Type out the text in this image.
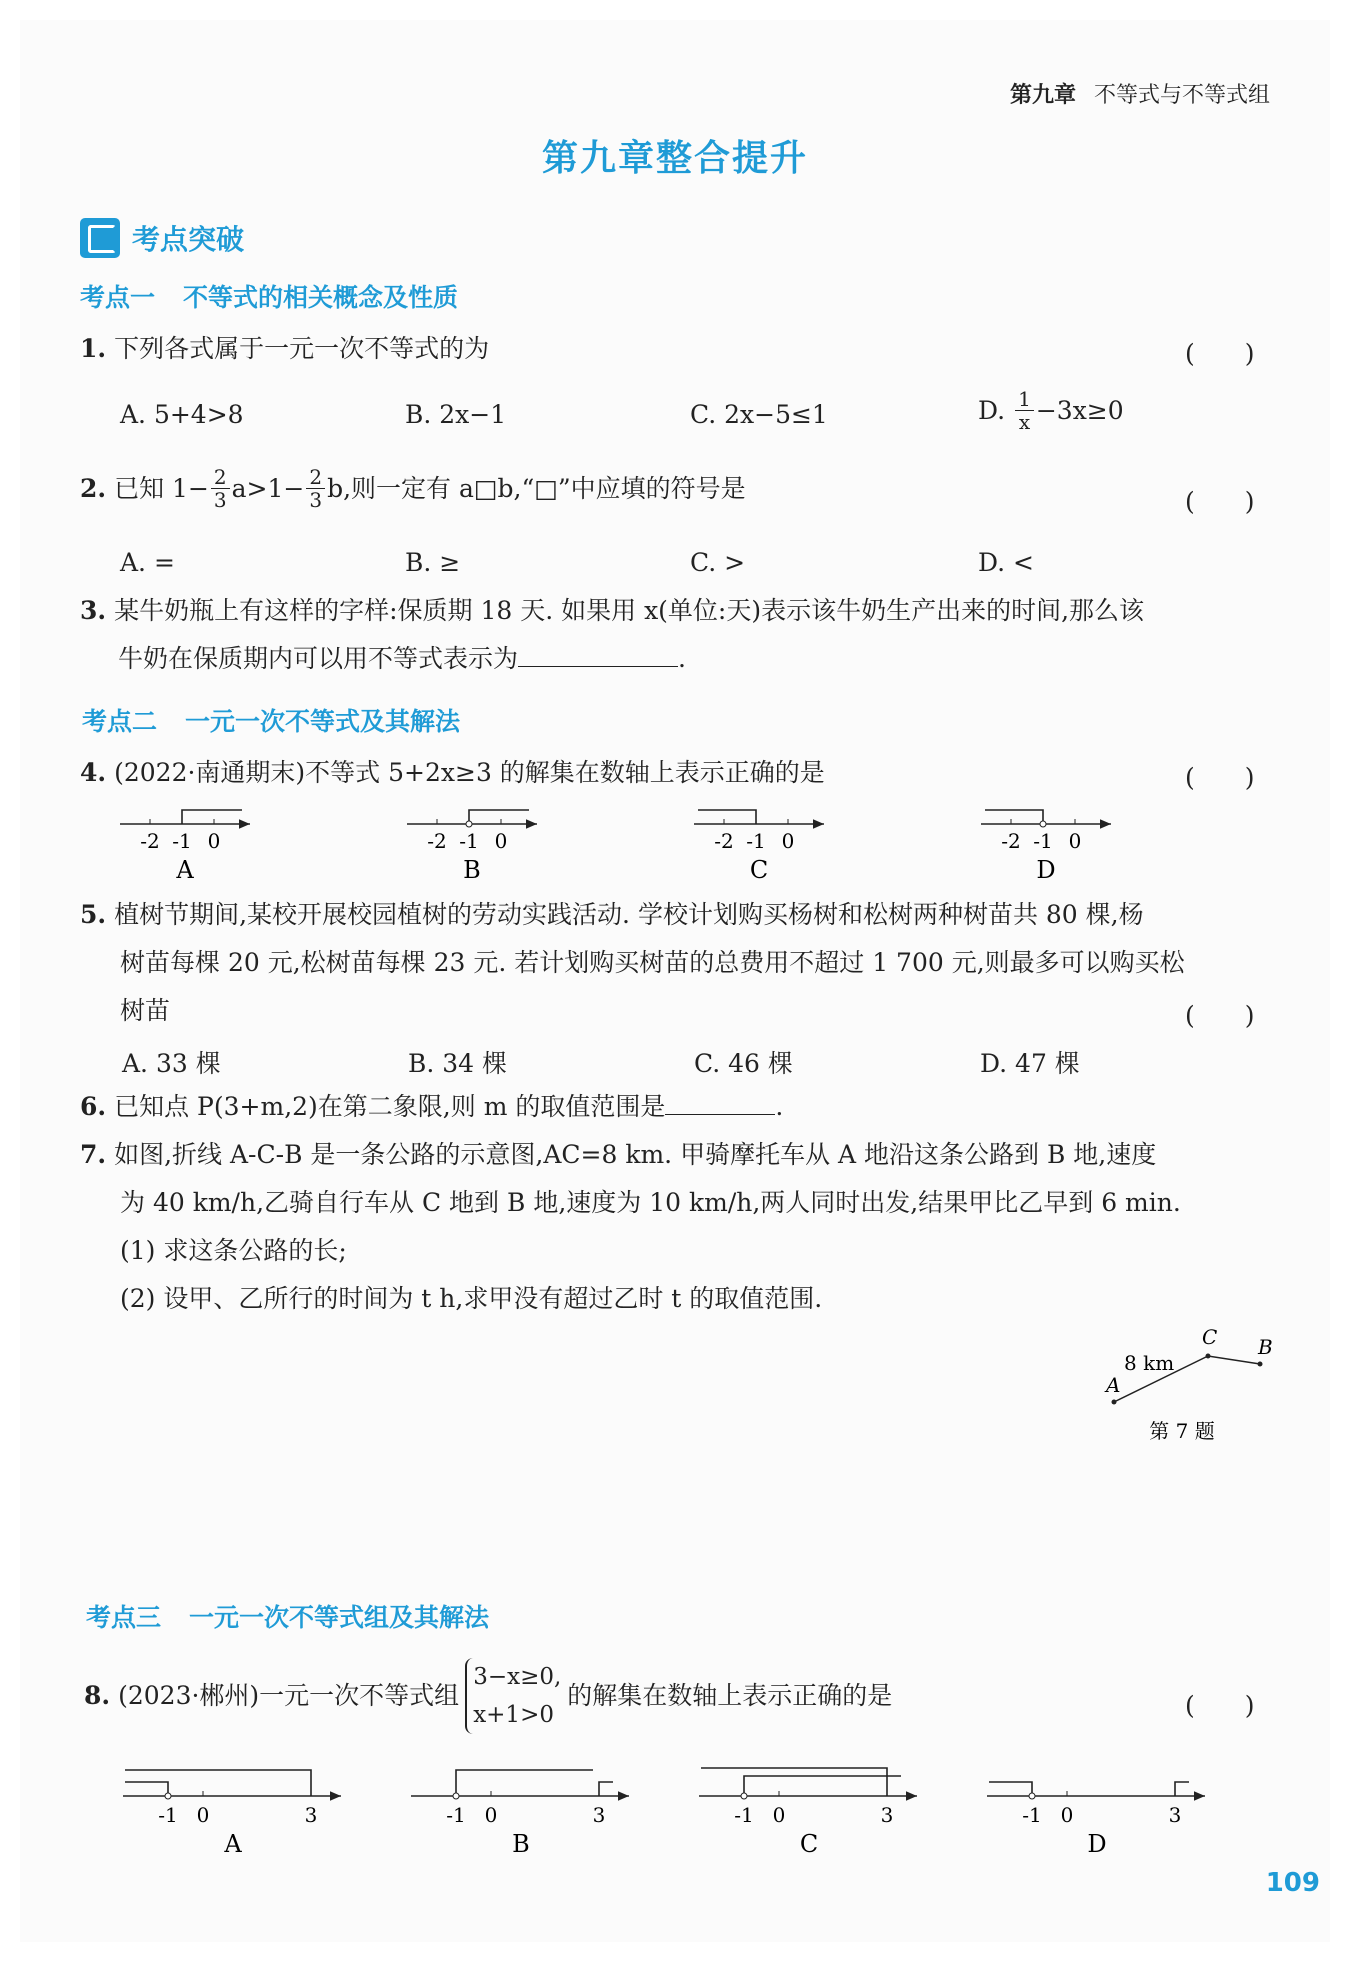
第九章 不等式与不等式组
第九章整合提升
考点突破
考点一 不等式的相关概念及性质
1. 下列各式属于一元一次不等式的为	(　　)
A. 5+4>8	B. 2x−1	C. 2x−5≤1	D. $\frac{1}{x} -3x\ge 0$
2. 已知 $1- \frac{2}{3} a>1- \frac{2}{3} b$,则一定有 a□b,“□”中应填的符号是	(　　)
A. =	B. ≥	C. >	D. <
3. 某牛奶瓶上有这样的字样:保质期 18 天. 如果用 x(单位:天)表示该牛奶生产出来的时间,那么该
牛奶在保质期内可以用不等式表示为	.
考点二 一元一次不等式及其解法
4. (2022·南通期末)不等式 5+2x≥3 的解集在数轴上表示正确的是	(　　)
-2 -1 0
A
-2 -1 0
B
-2 -1 0
C
-2 -1 0
D
5. 植树节期间,某校开展校园植树的劳动实践活动. 学校计划购买杨树和松树两种树苗共 80 棵,杨
树苗每棵 20 元,松树苗每棵 23 元. 若计划购买树苗的总费用不超过 1 700 元,则最多可以购买松
树苗	(　　)
A. 33 棵	B. 34 棵	C. 46 棵	D. 47 棵
6. 已知点 P(3+m,2)在第二象限,则 m 的取值范围是	.
7. 如图,折线 A-C-B 是一条公路的示意图,AC=8 km. 甲骑摩托车从 A 地沿这条公路到 B 地,速度
为 40 km/h,乙骑自行车从 C 地到 B 地,速度为 10 km/h,两人同时出发,结果甲比乙早到 6 min.
(1) 求这条公路的长;
(2) 设甲、乙所行的时间为 t h,求甲没有超过乙时 t 的取值范围.
8 km
A
C B
第 7 题
考点三 一元一次不等式组及其解法
8. (2023·郴州)一元一次不等式组
3−x≥0,
x+1>0
的解集在数轴上表示正确的是	(　　)
-1 0	3
A
-1 0	3
B
-1 0	3
C
-1 0	3
D
109
